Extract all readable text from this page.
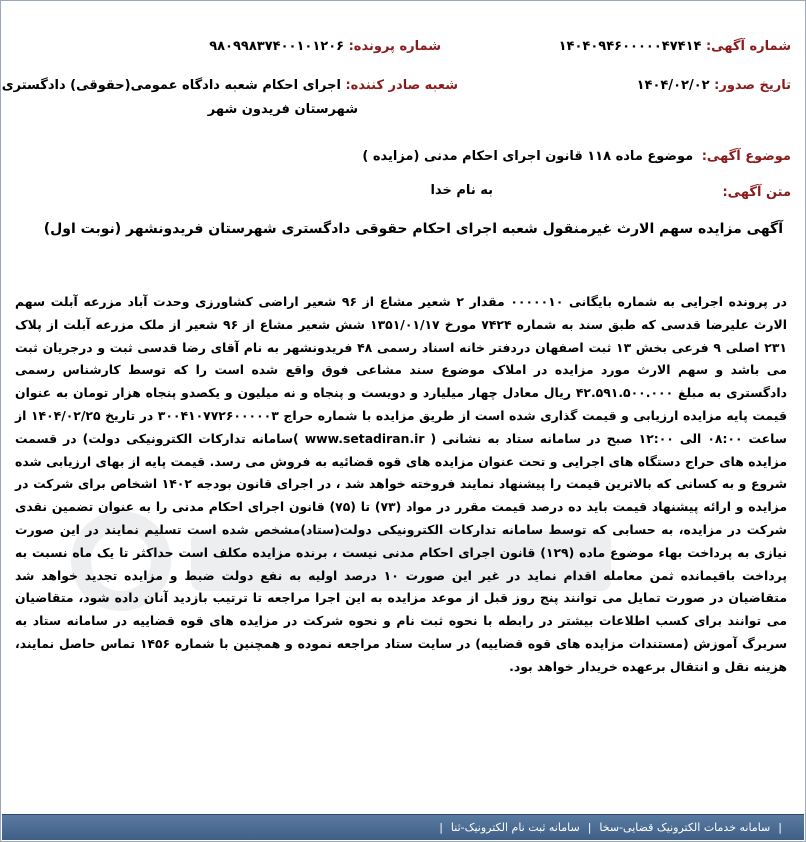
شماره آگهی: ۱۴۰۴۰۹۴۶۰۰۰۰۰۴۷۴۱۴
شماره پرونده: ۹۸۰۹۹۸۳۷۴۰۰۱۰۱۲۰۶
تاریخ صدور: ۱۴۰۴/۰۲/۰۲
شعبه صادر کننده: اجرای احکام شعبه دادگاه عمومی(حقوقی) دادگستری
شهرستان فریدون شهر
موضوع آگهی: موضوع ماده ۱۱۸ قانون اجرای احکام مدنی (مزایده )
متن آگهی:
به نام خدا
آگهی مزایده سهم الارث غیرمنقول شعبه اجرای احکام حقوقی دادگستری شهرستان فریدونشهر (نوبت اول)
در پرونده اجرایی به شماره بایگانی ۰۰۰۰۰۱۰ مقدار ۲ شعیر مشاع از ۹۶ شعیر اراضی کشاورزی وحدت آباد مزرعه آبلت سهم الارث علیرضا قدسی که طبق سند به شماره ۷۴۲۴ مورخ ۱۳۵۱/۰۱/۱۷ شش شعیر مشاع از ۹۶ شعیر از ملک مزرعه آبلت از پلاک ۲۳۱ اصلی ۹ فرعی بخش ۱۳ ثبت اصفهان دردفتر خانه اسناد رسمی ۴۸ فریدونشهر به نام آقای رضا قدسی ثبت و درجریان ثبت می باشد و سهم الارث مورد مزایده در املاک موضوع سند مشاعی فوق واقع شده است را که توسط کارشناس رسمی دادگستری به مبلغ ۴۲.۵۹۱.۵۰۰.۰۰۰ ریال معادل چهار میلیارد و دویست و پنجاه و نه میلیون و یکصدو پنجاه هزار تومان به عنوان قیمت پایه مزایده ارزیابی و قیمت گذاری شده است از طریق مزایده با شماره حراج ۳۰۰۴۱۰۷۷۲۶۰۰۰۰۰۳ در تاریخ ۱۴۰۴/۰۲/۲۵ از ساعت ۰۸:۰۰ الی ۱۲:۰۰ صبح در سامانه ستاد به نشانی ( www.setadiran.ir )سامانه تدارکات الکترونیکی دولت) در قسمت مزایده های حراج دستگاه های اجرایی و تحت عنوان مزایده های قوه قضائیه به فروش می رسد. قیمت پایه از بهای ارزیابی شده شروع و به کسانی که بالاترین قیمت را پیشنهاد نمایند فروخته خواهد شد ، در اجرای قانون بودجه ۱۴۰۲ اشخاص برای شرکت در مزایده و ارائه پیشنهاد قیمت باید ده درصد قیمت مقرر در مواد (۷۳) تا (۷۵) قانون اجرای احکام مدنی را به عنوان تضمین نقدی شرکت در مزایده، به حسابی که توسط سامانه تدارکات الکترونیکی دولت(ستاد)مشخص شده است تسلیم نمایند در این صورت نیازی به پرداخت بهاء موضوع ماده (۱۲۹) قانون اجرای احکام مدنی نیست ، برنده مزایده مکلف است حداکثر تا یک ماه نسبت به پرداخت باقیمانده ثمن معامله اقدام نماید در غیر این صورت ۱۰ درصد اولیه به نفع دولت ضبط و مزایده تجدید خواهد شد متقاضیان در صورت تمایل می توانند پنج روز قبل از موعد مزایده به این اجرا مراجعه تا ترتیب بازدید آنان داده شود، متقاضیان می توانند برای کسب اطلاعات بیشتر در رابطه با نحوه ثبت نام و نحوه شرکت در مزایده های قوه قضاییه در سامانه ستاد به سربرگ آموزش (مستندات مزایده های قوه قضاییه) در سایت ستاد مراجعه نموده و همچنین با شماره ۱۴۵۶ تماس حاصل نمایند، هزینه نقل و انتقال برعهده خریدار خواهد بود.
|
سامانه خدمات الکترونیک قضایی-سخا
|
سامانه ثبت نام الکترونیک-ثنا
|
